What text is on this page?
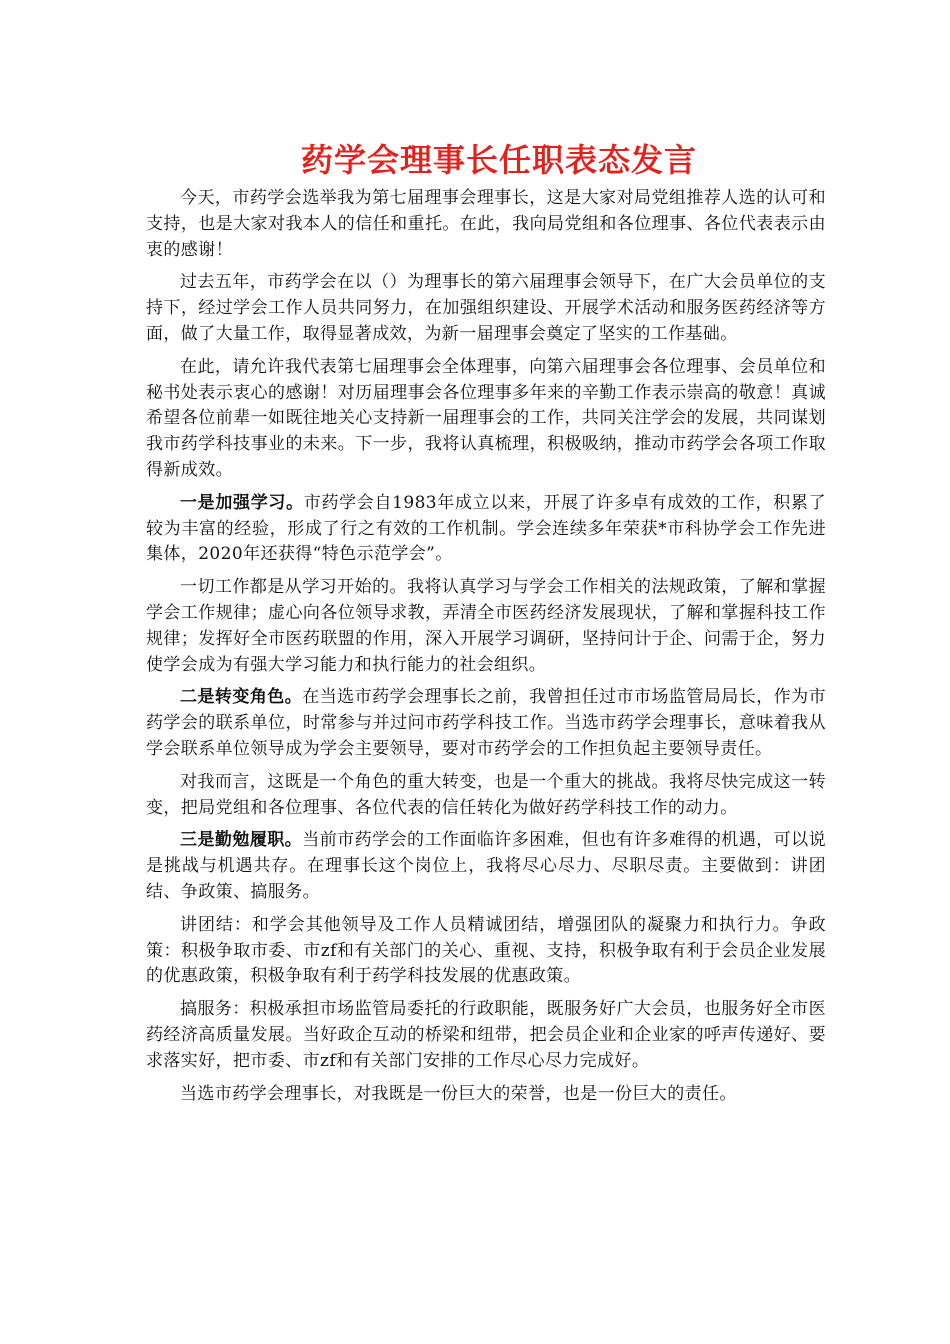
药学会理事长任职表态发言

今天，市药学会选举我为第七届理事会理事长，这是大家对局党组推荐人选的认可和支持，也是大家对我本人的信任和重托。在此，我向局党组和各位理事、各位代表表示由衷的感谢！

过去五年，市药学会在以（）为理事长的第六届理事会领导下，在广大会员单位的支持下，经过学会工作人员共同努力，在加强组织建设、开展学术活动和服务医药经济等方面，做了大量工作，取得显著成效，为新一届理事会奠定了坚实的工作基础。

在此，请允许我代表第七届理事会全体理事，向第六届理事会各位理事、会员单位和秘书处表示衷心的感谢！对历届理事会各位理事多年来的辛勤工作表示崇高的敬意！真诚希望各位前辈一如既往地关心支持新一届理事会的工作，共同关注学会的发展，共同谋划我市药学科技事业的未来。下一步，我将认真梳理，积极吸纳，推动市药学会各项工作取得新成效。

一是加强学习。市药学会自1983年成立以来，开展了许多卓有成效的工作，积累了较为丰富的经验，形成了行之有效的工作机制。学会连续多年荣获*市科协学会工作先进集体，2020年还获得“特色示范学会”。

一切工作都是从学习开始的。我将认真学习与学会工作相关的法规政策，了解和掌握学会工作规律；虚心向各位领导求教，弄清全市医药经济发展现状，了解和掌握科技工作规律；发挥好全市医药联盟的作用，深入开展学习调研，坚持问计于企、问需于企，努力使学会成为有强大学习能力和执行能力的社会组织。

二是转变角色。在当选市药学会理事长之前，我曾担任过市市场监管局局长，作为市药学会的联系单位，时常参与并过问市药学科技工作。当选市药学会理事长，意味着我从学会联系单位领导成为学会主要领导，要对市药学会的工作担负起主要领导责任。

对我而言，这既是一个角色的重大转变，也是一个重大的挑战。我将尽快完成这一转变，把局党组和各位理事、各位代表的信任转化为做好药学科技工作的动力。

三是勤勉履职。当前市药学会的工作面临许多困难，但也有许多难得的机遇，可以说是挑战与机遇共存。在理事长这个岗位上，我将尽心尽力、尽职尽责。主要做到：讲团结、争政策、搞服务。

讲团结：和学会其他领导及工作人员精诚团结，增强团队的凝聚力和执行力。争政策：积极争取市委、市zf和有关部门的关心、重视、支持，积极争取有利于会员企业发展的优惠政策，积极争取有利于药学科技发展的优惠政策。

搞服务：积极承担市场监管局委托的行政职能，既服务好广大会员，也服务好全市医药经济高质量发展。当好政企互动的桥梁和纽带，把会员企业和企业家的呼声传递好、要求落实好，把市委、市zf和有关部门安排的工作尽心尽力完成好。

当选市药学会理事长，对我既是一份巨大的荣誉，也是一份巨大的责任。
